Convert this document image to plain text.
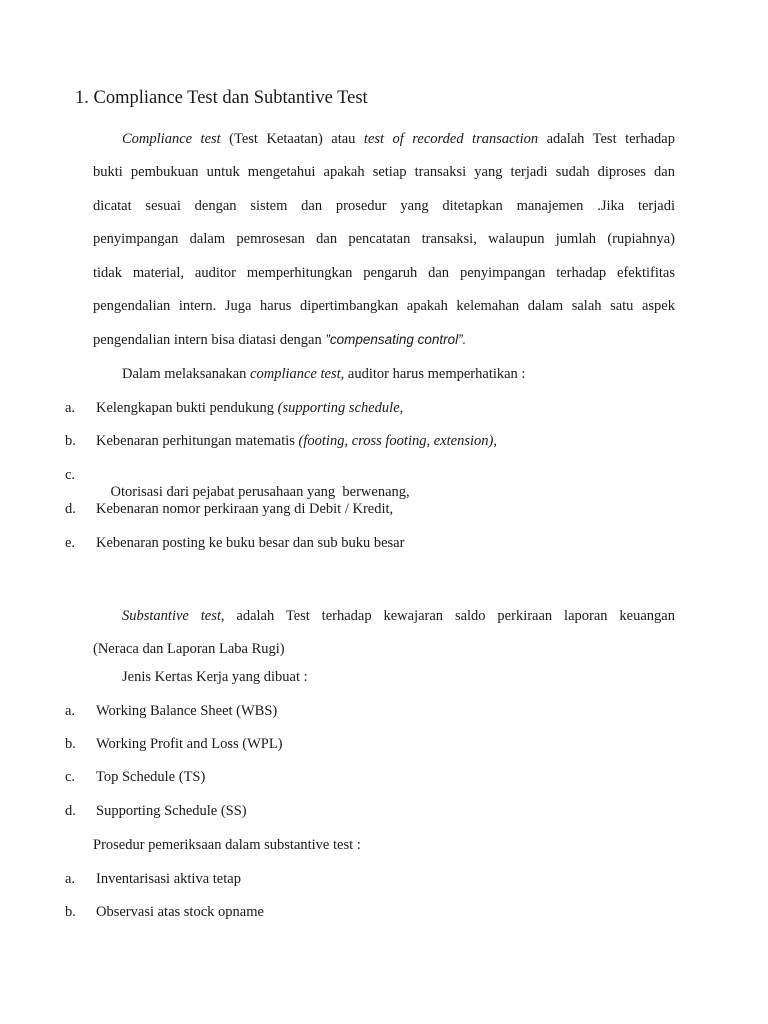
1. Compliance Test dan Subtantive Test
Compliance test (Test Ketaatan) atau test of recorded transaction adalah Test terhadap
bukti pembukuan untuk mengetahui apakah setiap transaksi yang terjadi sudah diproses dan
dicatat sesuai dengan sistem dan prosedur yang ditetapkan manajemen .Jika terjadi
penyimpangan dalam pemrosesan dan pencatatan transaksi, walaupun jumlah (rupiahnya)
tidak material, auditor memperhitungkan pengaruh dan penyimpangan terhadap efektifitas
pengendalian intern. Juga harus dipertimbangkan apakah kelemahan dalam salah satu aspek
pengendalian intern bisa diatasi dengan ”compensating control”.
Dalam melaksanakan compliance test, auditor harus memperhatikan :
a. Kelengkapan bukti pendukung (supporting schedule,
b. Kebenaran perhitungan matematis (footing, cross footing, extension),
c.

Otorisasi dari pejabat perusahaan yang  berwenang,

d. Kebenaran nomor perkiraan yang di Debit / Kredit,
e. Kebenaran posting ke buku besar dan sub buku besar
Substantive test, adalah Test terhadap kewajaran saldo perkiraan laporan keuangan
(Neraca dan Laporan Laba Rugi)
Jenis Kertas Kerja yang dibuat :
a. Working Balance Sheet (WBS)
b. Working Profit and Loss (WPL)
c. Top Schedule (TS)
d. Supporting Schedule (SS)
Prosedur pemeriksaan dalam substantive test :
a. Inventarisasi aktiva tetap
b. Observasi atas stock opname
